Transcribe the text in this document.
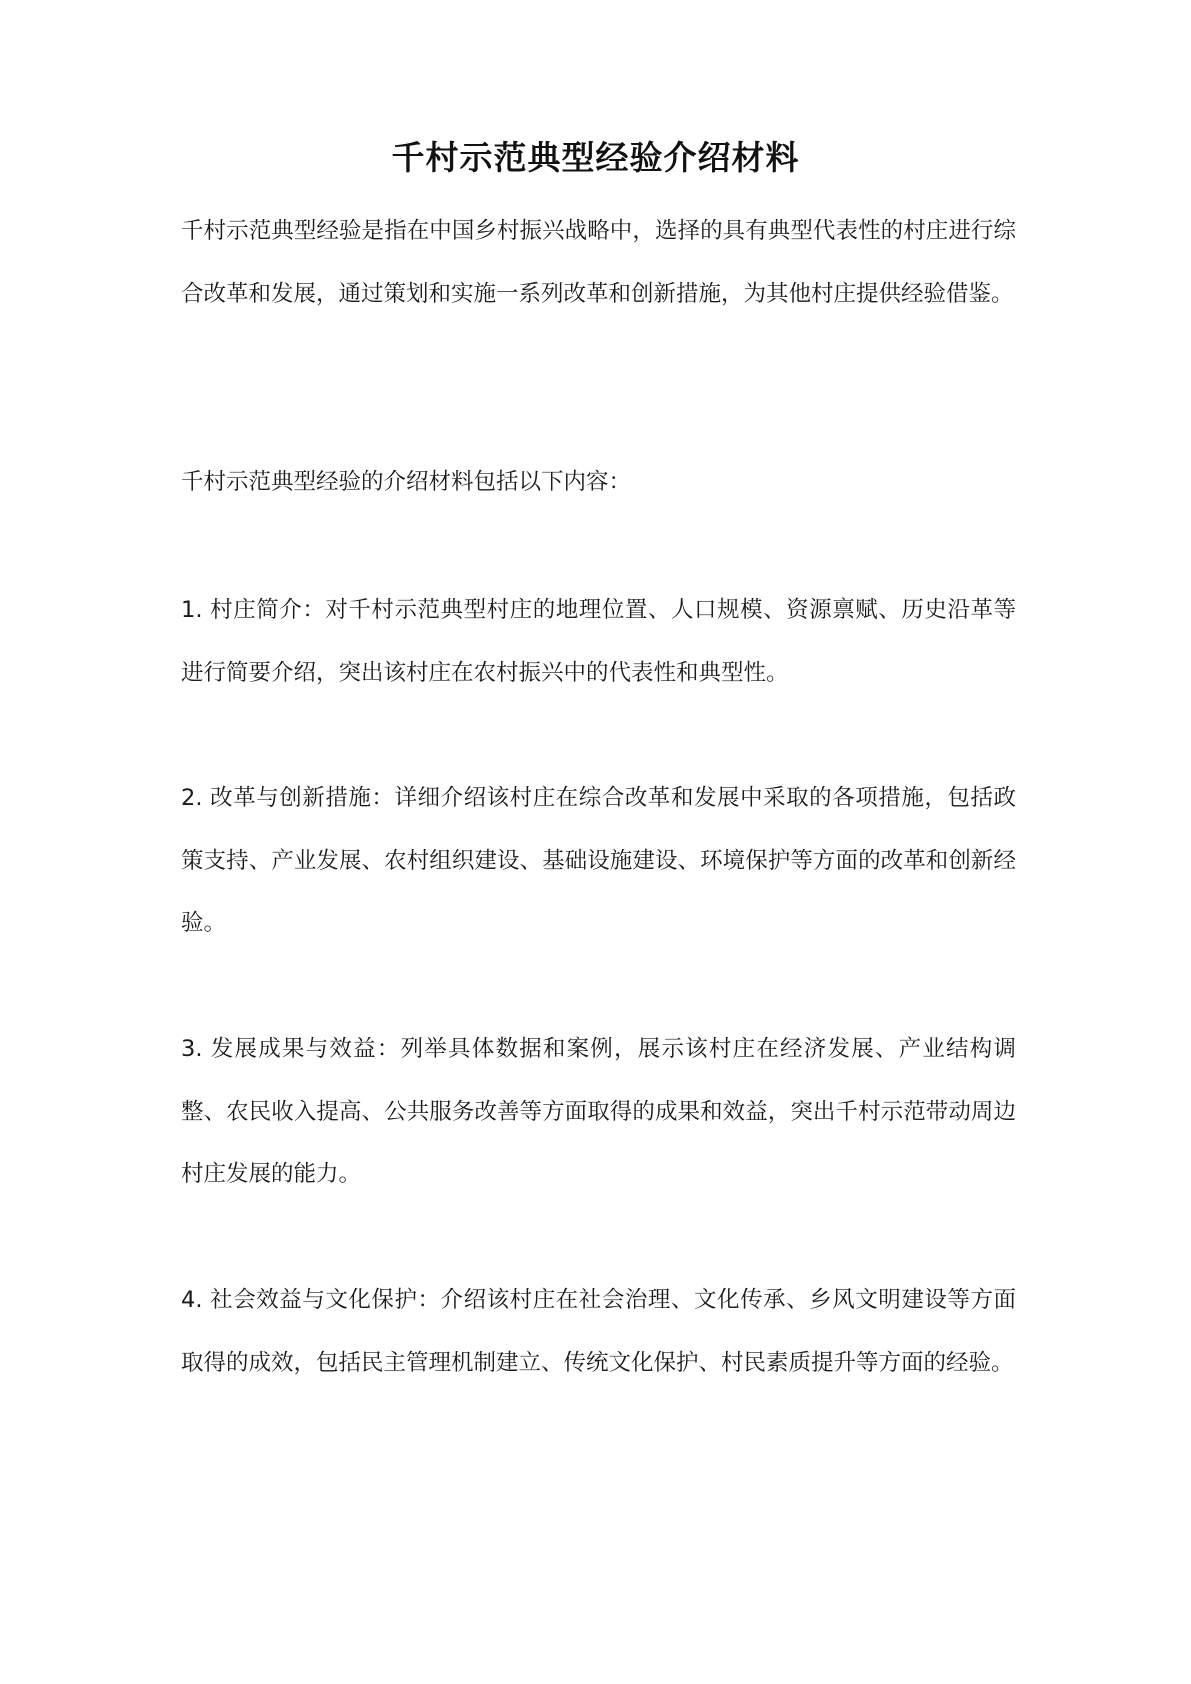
千村示范典型经验介绍材料

千村示范典型经验是指在中国乡村振兴战略中，选择的具有典型代表性的村庄进行综合改革和发展，通过策划和实施一系列改革和创新措施，为其他村庄提供经验借鉴。

千村示范典型经验的介绍材料包括以下内容：

1. 村庄简介：对千村示范典型村庄的地理位置、人口规模、资源禀赋、历史沿革等进行简要介绍，突出该村庄在农村振兴中的代表性和典型性。

2. 改革与创新措施：详细介绍该村庄在综合改革和发展中采取的各项措施，包括政策支持、产业发展、农村组织建设、基础设施建设、环境保护等方面的改革和创新经验。

3. 发展成果与效益：列举具体数据和案例，展示该村庄在经济发展、产业结构调整、农民收入提高、公共服务改善等方面取得的成果和效益，突出千村示范带动周边村庄发展的能力。

4. 社会效益与文化保护：介绍该村庄在社会治理、文化传承、乡风文明建设等方面取得的成效，包括民主管理机制建立、传统文化保护、村民素质提升等方面的经验。
